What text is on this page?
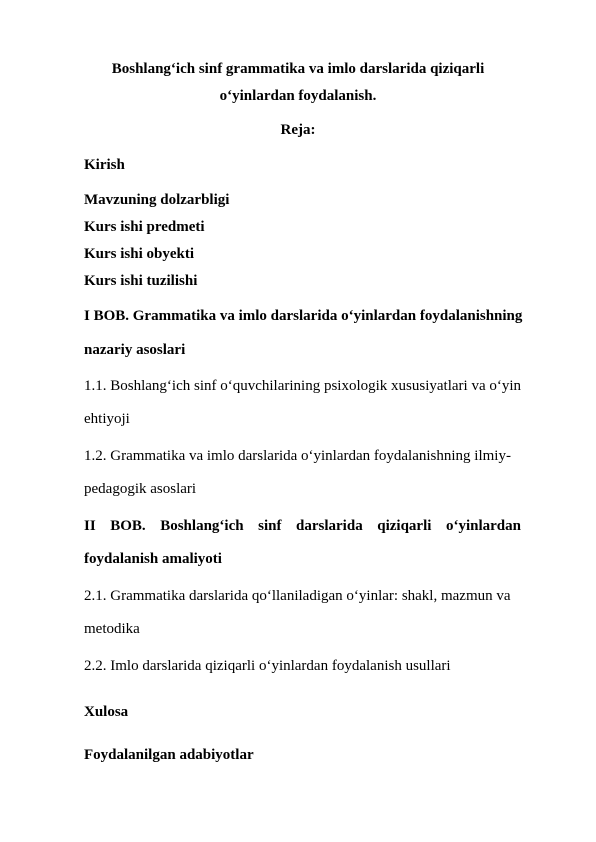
Boshlang‘ich sinf grammatika va imlo darslarida qiziqarli
o‘yinlardan foydalanish.
Reja:
Kirish
Mavzuning dolzarbligi
Kurs ishi predmeti
Kurs ishi obyekti
Kurs ishi tuzilishi
I BOB. Grammatika va imlo darslarida o‘yinlardan foydalanishning
nazariy asoslari
1.1. Boshlang‘ich sinf o‘quvchilarining psixologik xususiyatlari va o‘yin
ehtiyoji
1.2. Grammatika va imlo darslarida o‘yinlardan foydalanishning ilmiy-
pedagogik asoslari
II BOB. Boshlang‘ich sinf darslarida qiziqarli o‘yinlardan
foydalanish amaliyoti
2.1. Grammatika darslarida qo‘llaniladigan o‘yinlar: shakl, mazmun va
metodika
2.2. Imlo darslarida qiziqarli o‘yinlardan foydalanish usullari
Xulosa
Foydalanilgan adabiyotlar
